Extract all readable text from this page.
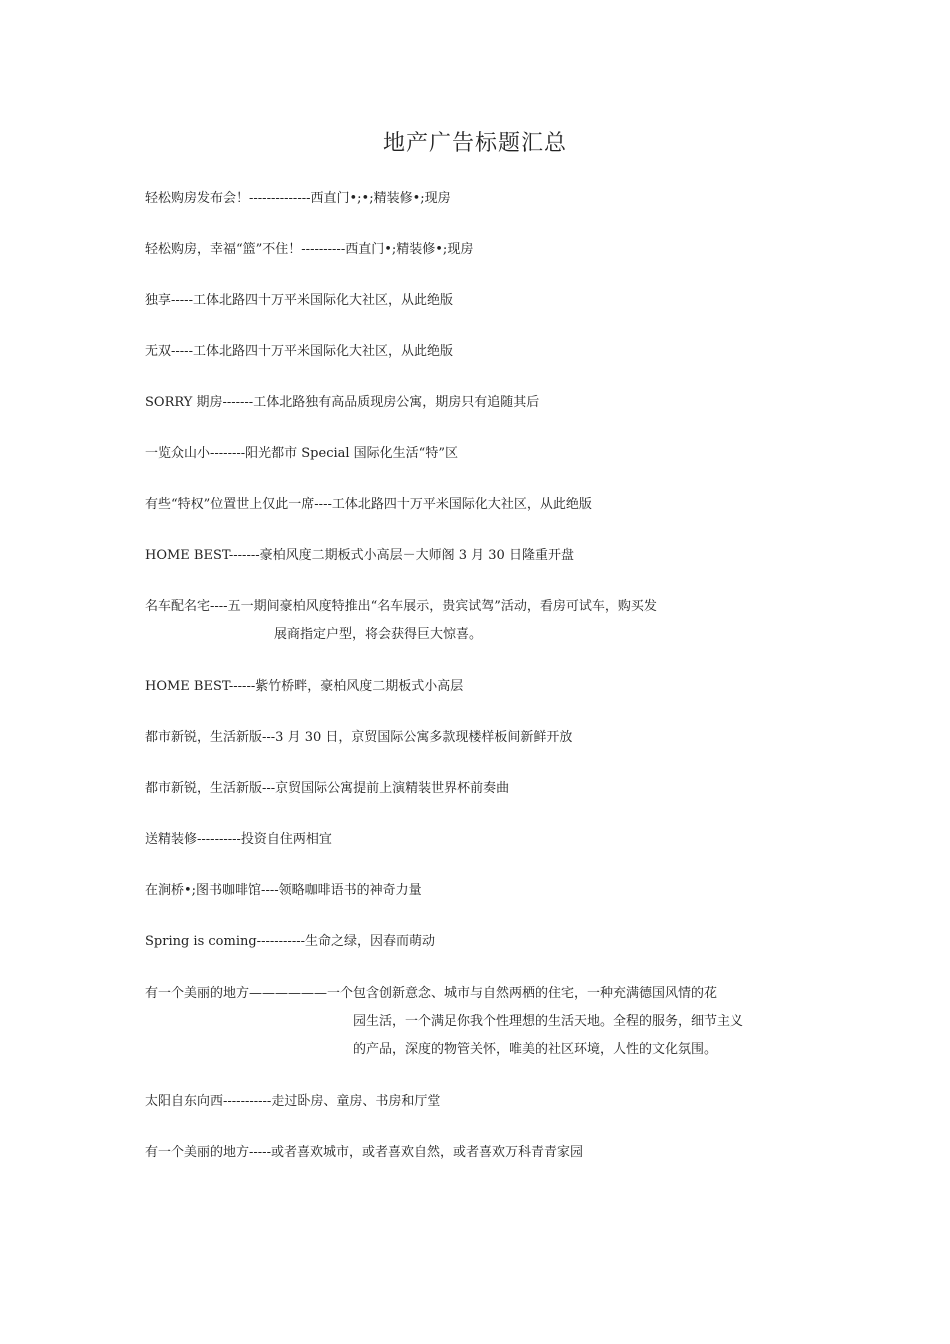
地产广告标题汇总
轻松购房发布会！--------------西直门•;•;精装修•;现房
轻松购房，幸福“篮”不住！----------西直门•;精装修•;现房
独享-----工体北路四十万平米国际化大社区，从此绝版
无双-----工体北路四十万平米国际化大社区，从此绝版
SORRY 期房-------工体北路独有高品质现房公寓，期房只有追随其后
一览众山小--------阳光都市 Special 国际化生活“特”区
有些“特权”位置世上仅此一席----工体北路四十万平米国际化大社区，从此绝版
HOME BEST-------豪柏风度二期板式小高层－大师阁 3 月 30 日隆重开盘
名车配名宅----五一期间豪柏风度特推出“名车展示，贵宾试驾”活动，看房可试车，购买发
展商指定户型，将会获得巨大惊喜。
HOME BEST------紫竹桥畔，豪柏风度二期板式小高层
都市新锐，生活新版---3 月 30 日，京贸国际公寓多款现楼样板间新鲜开放
都市新锐，生活新版---京贸国际公寓提前上演精装世界杯前奏曲
送精装修----------投资自住两相宜
在涧桥•;图书咖啡馆----领略咖啡语书的神奇力量
Spring is coming-----------生命之绿，因春而萌动
有一个美丽的地方——————一个包含创新意念、城市与自然两栖的住宅，一种充满德国风情的花
园生活，一个满足你我个性理想的生活天地。全程的服务，细节主义
的产品，深度的物管关怀，唯美的社区环境，人性的文化氛围。
太阳自东向西-----------走过卧房、童房、书房和厅堂
有一个美丽的地方-----或者喜欢城市，或者喜欢自然，或者喜欢万科青青家园
